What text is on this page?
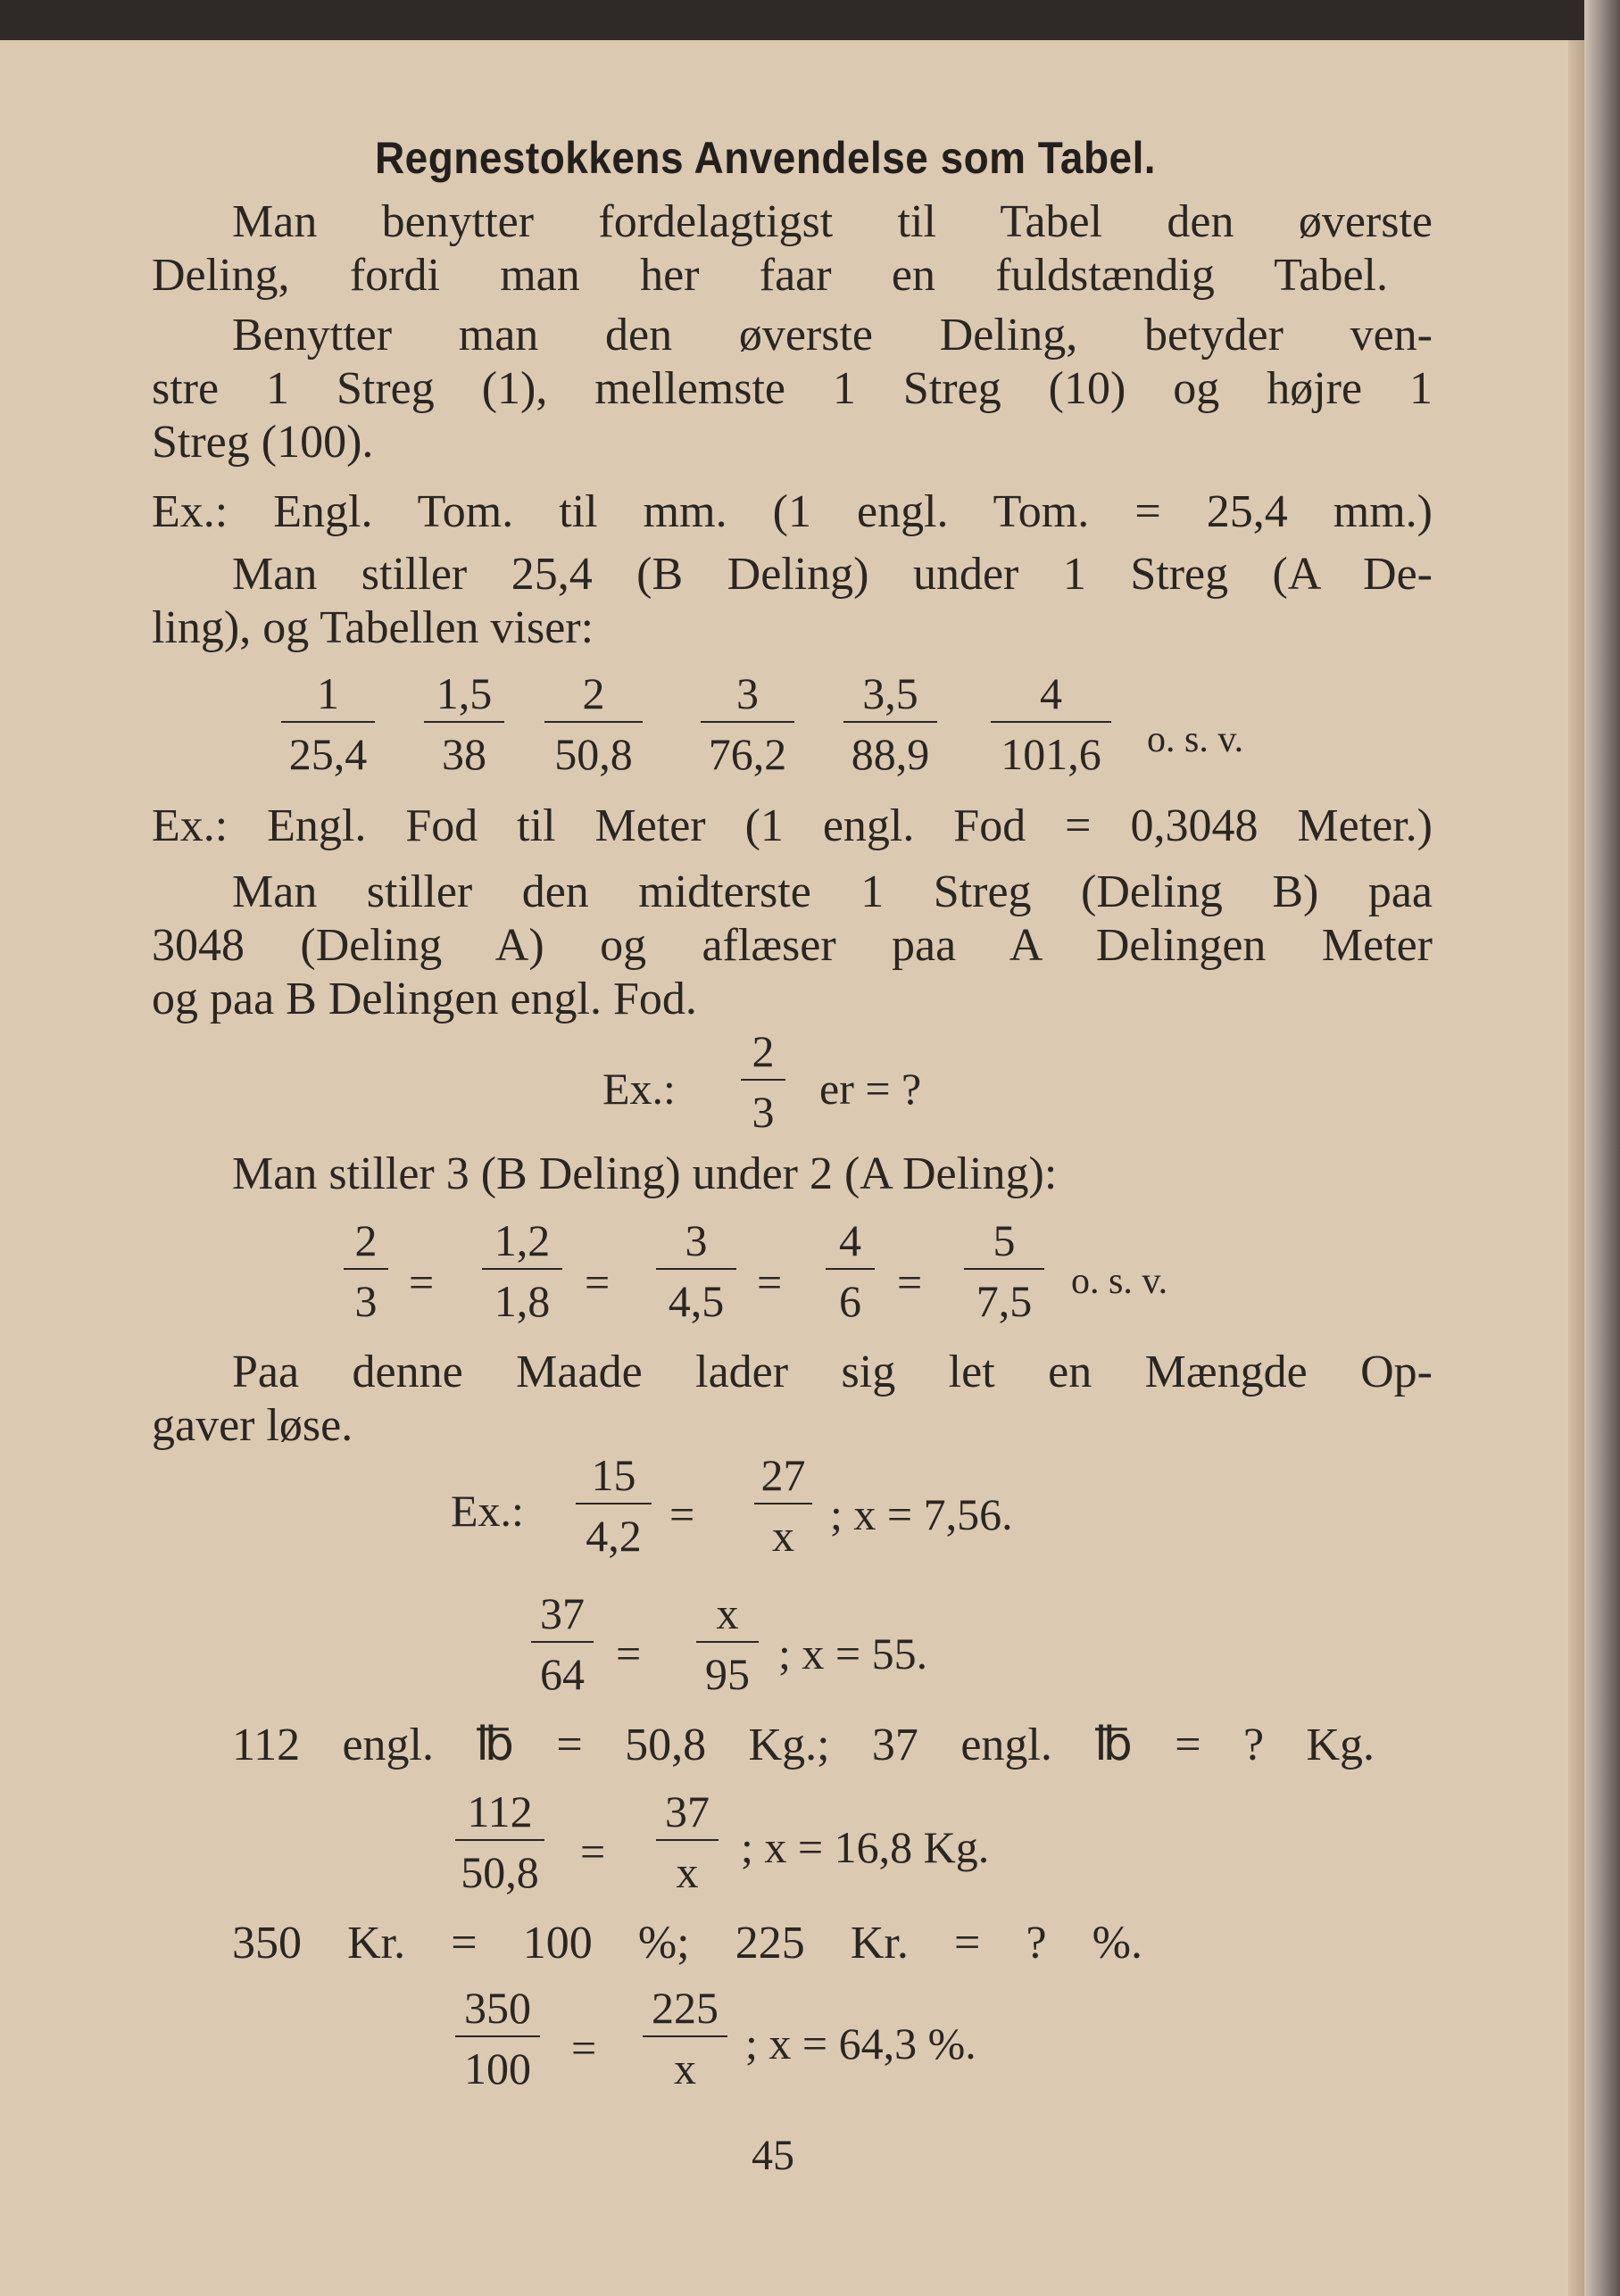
Regnestokkens Anvendelse som Tabel.
Man benytter fordelagtigst til Tabel den øverste
Deling, fordi man her faar en fuldstændig Tabel.
Benytter man den øverste Deling, betyder ven-
stre 1 Streg (1), mellemste 1 Streg (10) og højre 1
Streg (100).
Ex.: Engl. Tom. til mm. (1 engl. Tom. = 25,4 mm.)
Man stiller 25,4 (B Deling) under 1 Streg (A De-
ling), og Tabellen viser:
1
25,4
1,5
38
2
50,8
3
76,2
3,5
88,9
4
101,6 o. s. v.
Ex.: Engl. Fod til Meter (1 engl. Fod = 0,3048 Meter.)
Man stiller den midterste 1 Streg (Deling B) paa
3048 (Deling A) og aflæser paa A Delingen Meter
og paa B Delingen engl. Fod.
Ex.:
2
3 er = ?
Man stiller 3 (B Deling) under 2 (A Deling):
2
3 =
1,2
1,8 =
3
4,5 =
4
6 =
5
7,5	o. s. v.
Paa denne Maade lader sig let en Mængde Op-
gaver løse.
Ex.:
15
4,2 =
27
x ; x = 7,56.
37
64 =
x
95 ; x = 55.
112 engl. ℔ = 50,8 Kg.; 37 engl. ℔ = ? Kg.
112
50,8 =
37
x ; x = 16,8 Kg.
350 Kr. = 100 %; 225 Kr. = ? %.
350
100 =
225
x	; x = 64,3 %.
45
